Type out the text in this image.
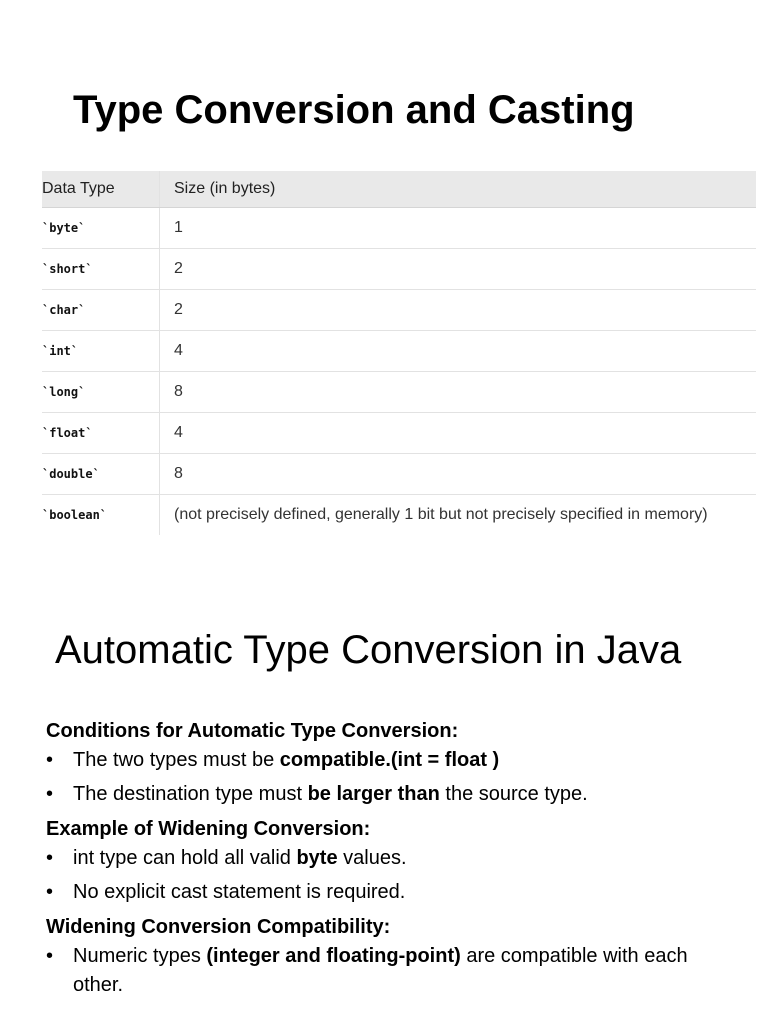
Type Conversion and Casting
Data Type	Size (in bytes)
`byte`	1
`short`	2
`char`	2
`int`	4
`long`	8
`float`	4
`double`	8
`boolean`	(not precisely defined, generally 1 bit but not precisely specified in memory)
Automatic Type Conversion in Java
Conditions for Automatic Type Conversion:
• The two types must be compatible.(int = float )
• The destination type must be larger than the source type.
Example of Widening Conversion:
• int type can hold all valid byte values.
• No explicit cast statement is required.
Widening Conversion Compatibility:
• Numeric types (integer and floating-point) are compatible with each other.
